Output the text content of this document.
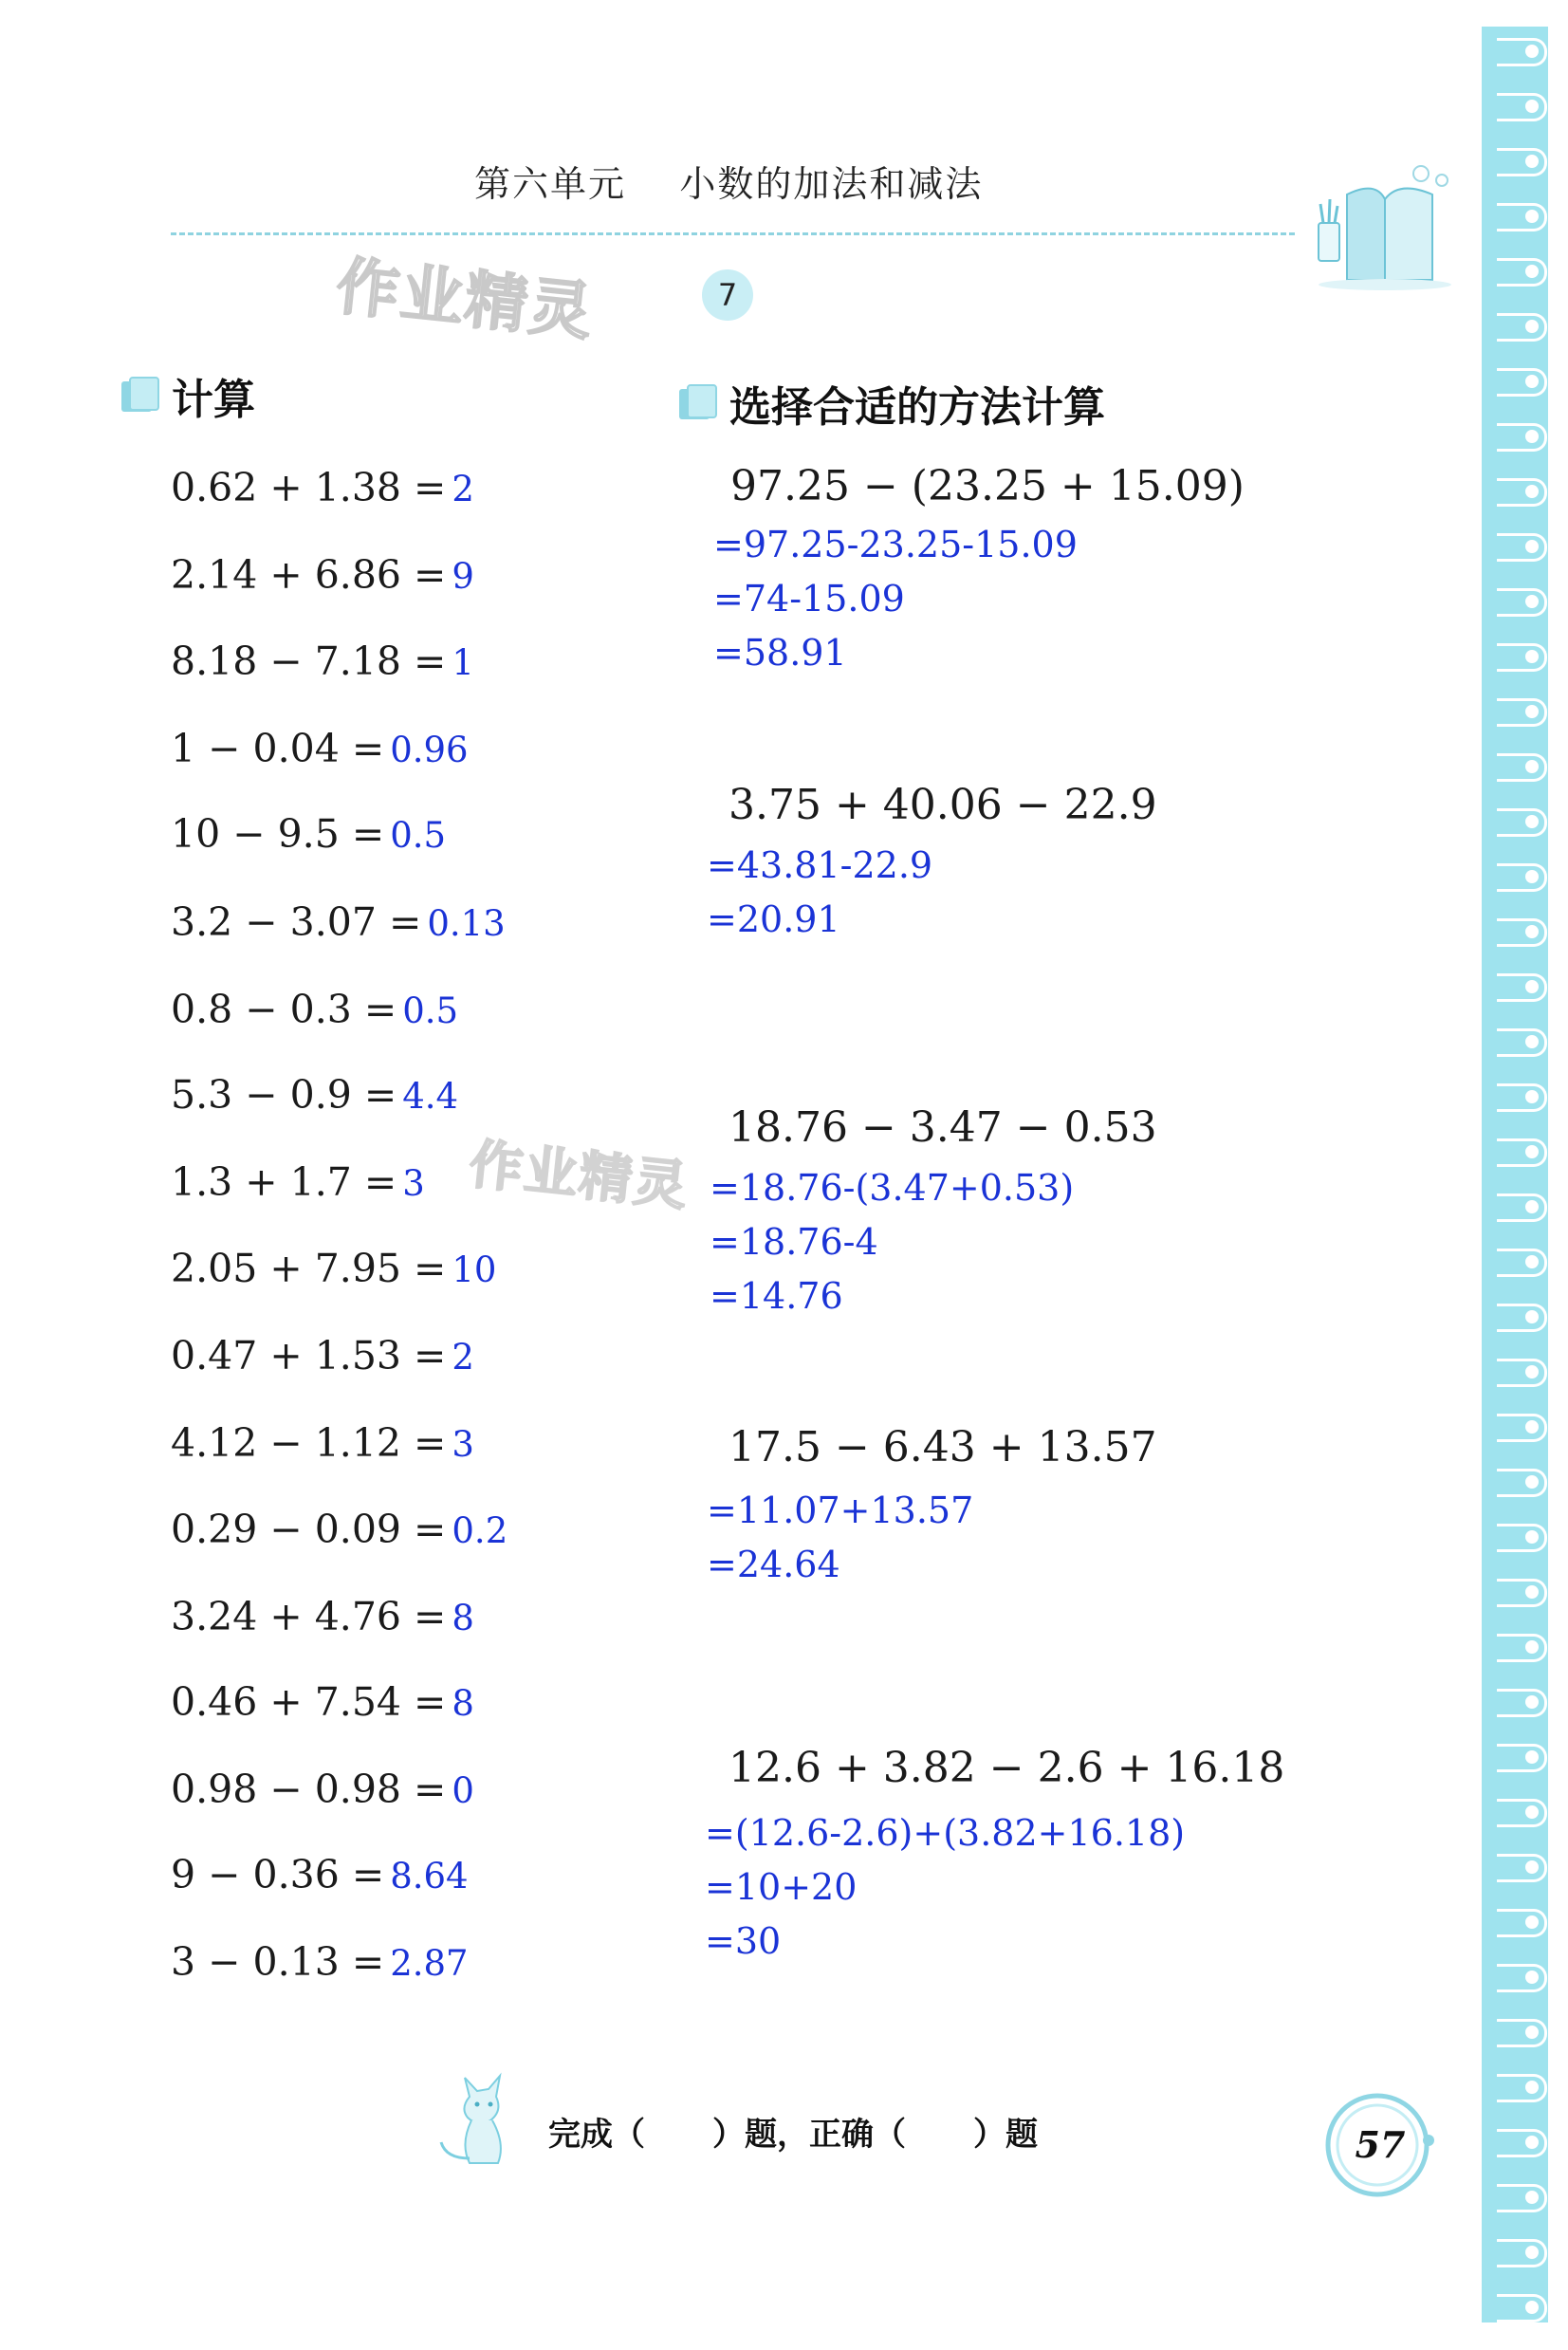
第六单元    小数的加法和减法
作业精灵
作业精灵
7
计算	选择合适的方法计算
0.62 + 1.38 = 2
2.14 + 6.86 = 9
8.18 − 7.18 = 1
1 − 0.04 = 0.96
10 − 9.5 = 0.5
3.2 − 3.07 = 0.13
0.8 − 0.3 = 0.5
5.3 − 0.9 = 4.4
1.3 + 1.7 = 3
2.05 + 7.95 = 10
0.47 + 1.53 = 2
4.12 − 1.12 = 3
0.29 − 0.09 = 0.2
3.24 + 4.76 = 8
0.46 + 7.54 = 8
0.98 − 0.98 = 0
9 − 0.36 = 8.64
3 − 0.13 = 2.87
97.25 − (23.25 + 15.09)
=97.25-23.25-15.09
=74-15.09
=58.91
3.75 + 40.06 − 22.9
=43.81-22.9
=20.91
18.76 − 3.47 − 0.53
=18.76-(3.47+0.53)
=18.76-4
=14.76
17.5 − 6.43 + 13.57
=11.07+13.57
=24.64
12.6 + 3.82 − 2.6 + 16.18
=(12.6-2.6)+(3.82+16.18)
=10+20
=30
完成（      ）题，正确（      ）题	57
